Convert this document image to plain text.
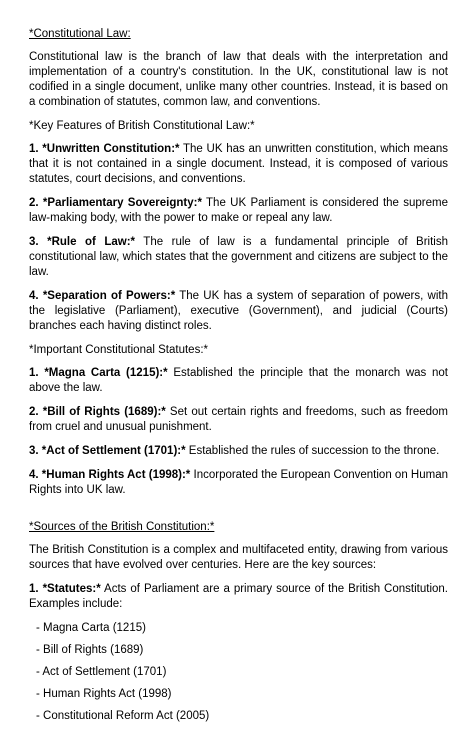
*Constitutional Law:

Constitutional law is the branch of law that deals with the interpretation and implementation of a country's constitution. In the UK, constitutional law is not codified in a single document, unlike many other countries. Instead, it is based on a combination of statutes, common law, and conventions.

*Key Features of British Constitutional Law:*

1. *Unwritten Constitution:* The UK has an unwritten constitution, which means that it is not contained in a single document. Instead, it is composed of various statutes, court decisions, and conventions.

2. *Parliamentary Sovereignty:* The UK Parliament is considered the supreme law-making body, with the power to make or repeal any law.

3. *Rule of Law:* The rule of law is a fundamental principle of British constitutional law, which states that the government and citizens are subject to the law.

4. *Separation of Powers:* The UK has a system of separation of powers, with the legislative (Parliament), executive (Government), and judicial (Courts) branches each having distinct roles.

*Important Constitutional Statutes:*

1. *Magna Carta (1215):* Established the principle that the monarch was not above the law.

2. *Bill of Rights (1689):* Set out certain rights and freedoms, such as freedom from cruel and unusual punishment.

3. *Act of Settlement (1701):* Established the rules of succession to the throne.

4. *Human Rights Act (1998):* Incorporated the European Convention on Human Rights into UK law.

*Sources of the British Constitution:*

The British Constitution is a complex and multifaceted entity, drawing from various sources that have evolved over centuries. Here are the key sources:

1. *Statutes:* Acts of Parliament are a primary source of the British Constitution. Examples include:

- Magna Carta (1215)

- Bill of Rights (1689)

- Act of Settlement (1701)

- Human Rights Act (1998)

- Constitutional Reform Act (2005)
